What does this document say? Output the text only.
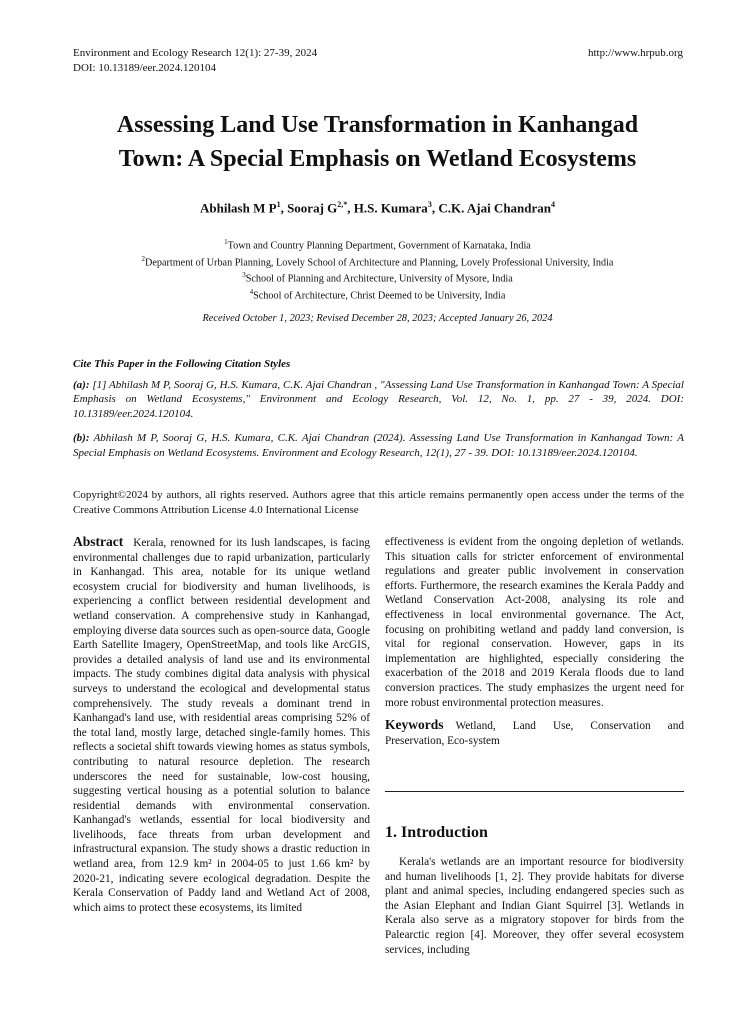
Environment and Ecology Research 12(1): 27-39, 2024
DOI: 10.13189/eer.2024.120104
http://www.hrpub.org
Assessing Land Use Transformation in Kanhangad
Town: A Special Emphasis on Wetland Ecosystems
Abhilash M $P^1$, Sooraj $G^{2,*}$, H.S. Kumara$^3$, C.K. Ajai Chandran$^4$
$^1$Town and Country Planning Department, Government of Karnataka, India
$^2$Department of Urban Planning, Lovely School of Architecture and Planning, Lovely Professional University, India
$^3$School of Planning and Architecture, University of Mysore, India
$^4$School of Architecture, Christ Deemed to be University, India
Received October 1, 2023; Revised December 28, 2023; Accepted January 26, 2024
Cite This Paper in the Following Citation Styles

(a): [1] Abhilash M P, Sooraj G, H.S. Kumara, C.K. Ajai Chandran , "Assessing Land Use Transformation in Kanhangad Town: A Special Emphasis on Wetland Ecosystems," Environment and Ecology Research, Vol. 12, No. 1, pp. 27 - 39, 2024. DOI: 10.13189/eer.2024.120104.

(b): Abhilash M P, Sooraj G, H.S. Kumara, C.K. Ajai Chandran (2024). Assessing Land Use Transformation in Kanhangad Town: A Special Emphasis on Wetland Ecosystems. Environment and Ecology Research, 12(1), 27 - 39. DOI: 10.13189/eer.2024.120104.

Copyright©2024 by authors, all rights reserved. Authors agree that this article remains permanently open access under the terms of the Creative Commons Attribution License 4.0 International License

Abstract Kerala, renowned for its lush landscapes, is facing environmental challenges due to rapid urbanization, particularly in Kanhangad. This area, notable for its unique wetland ecosystem crucial for biodiversity and human livelihoods, is experiencing a conflict between residential development and wetland conservation. A comprehensive study in Kanhangad, employing diverse data sources such as open-source data, Google Earth Satellite Imagery, OpenStreetMap, and tools like ArcGIS, provides a detailed analysis of land use and its environmental impacts. The study combines digital data analysis with physical surveys to understand the ecological and developmental status comprehensively. The study reveals a dominant trend in Kanhangad's land use, with residential areas comprising 52% of the total land, mostly large, detached single-family homes. This reflects a societal shift towards viewing homes as status symbols, contributing to natural resource depletion. The research underscores the need for sustainable, low-cost housing, suggesting vertical housing as a potential solution to balance residential demands with environmental conservation. Kanhangad's wetlands, essential for local biodiversity and livelihoods, face threats from urban development and infrastructural expansion. The study shows a drastic reduction in wetland area, from 12.9 km² in 2004-05 to just 1.66 km² by 2020-21, indicating severe ecological degradation. Despite the Kerala Conservation of Paddy land and Wetland Act of 2008, which aims to protect these ecosystems, its limited

effectiveness is evident from the ongoing depletion of wetlands. This situation calls for stricter enforcement of environmental regulations and greater public involvement in conservation efforts. Furthermore, the research examines the Kerala Paddy and Wetland Conservation Act-2008, analysing its role and effectiveness in local environmental governance. The Act, focusing on prohibiting wetland and paddy land conversion, is vital for regional conservation. However, gaps in its implementation are highlighted, especially considering the exacerbation of the 2018 and 2019 Kerala floods due to land conversion practices. The study emphasizes the urgent need for more robust environmental protection measures.

Keywords Wetland, Land Use, Conservation and Preservation, Eco-system

1. Introduction

Kerala's wetlands are an important resource for biodiversity and human livelihoods [1, 2]. They provide habitats for diverse plant and animal species, including endangered species such as the Asian Elephant and Indian Giant Squirrel [3]. Wetlands in Kerala also serve as a migratory stopover for birds from the Palearctic region [4]. Moreover, they offer several ecosystem services, including
